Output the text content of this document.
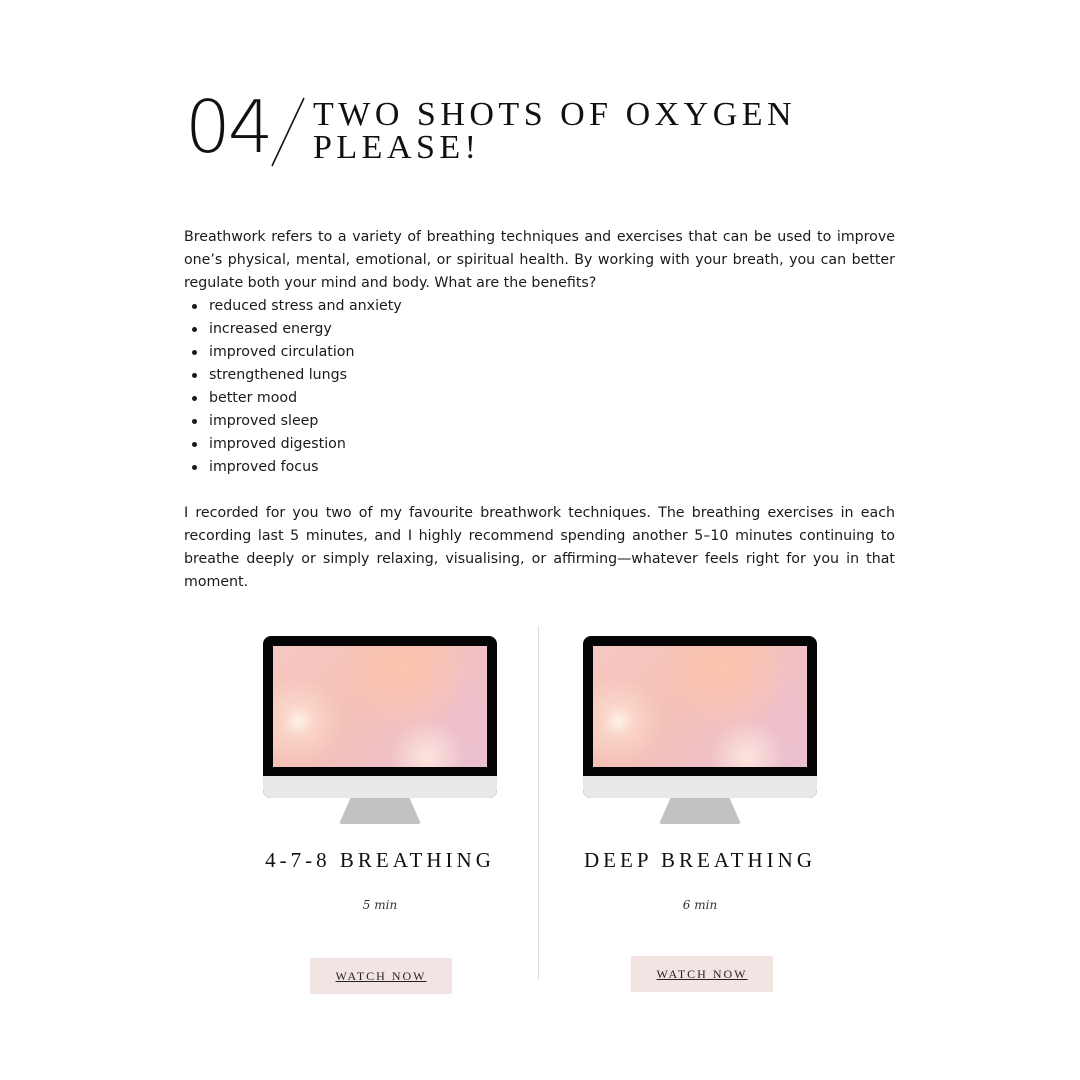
04 TWO SHOTS OF OXYGEN
PLEASE!

Breathwork refers to a variety of breathing techniques and exercises that can be used to improve one’s physical, mental, emotional, or spiritual health. By working with your breath, you can better regulate both your mind and body. What are the benefits?

reduced stress and anxiety
increased energy
improved circulation
strengthened lungs
better mood
improved sleep
improved digestion
improved focus

I recorded for you two of my favourite breathwork techniques. The breathing exercises in each recording last 5 minutes, and I highly recommend spending another 5–10 minutes continuing to breathe deeply or simply relaxing, visualising, or affirming—whatever feels right for you in that moment.

4-7-8 BREATHING
5 min
WATCH NOW
DEEP BREATHING
6 min
WATCH NOW
